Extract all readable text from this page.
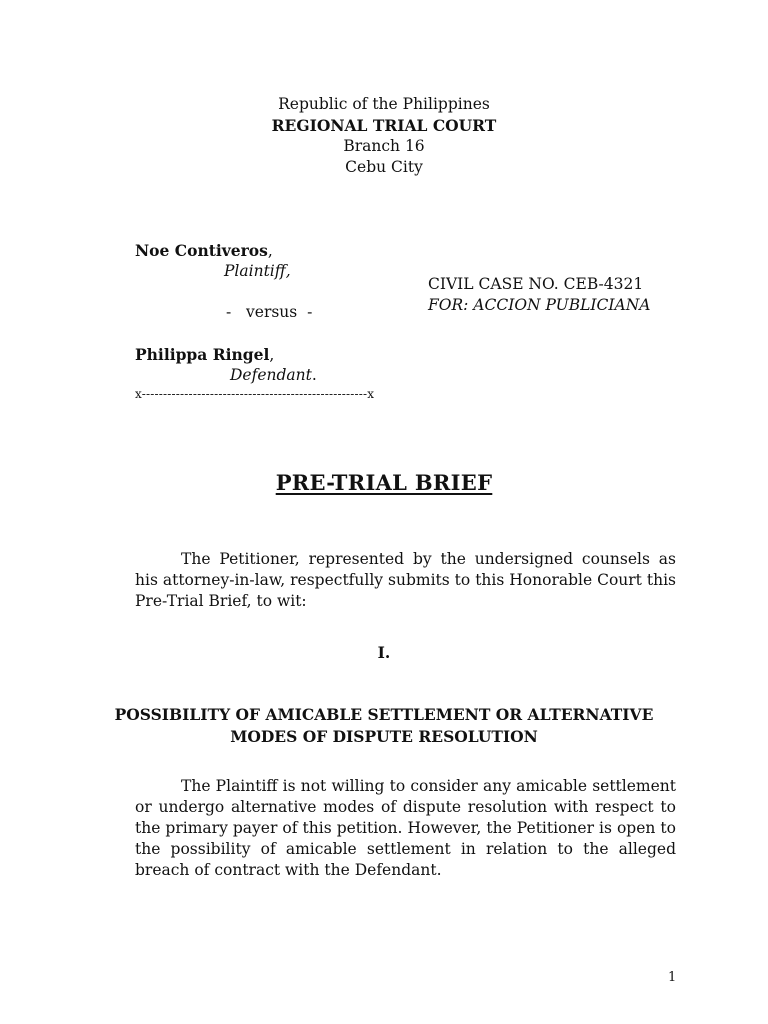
Republic of the Philippines
REGIONAL TRIAL COURT
Branch 16
Cebu City
Noe Contiveros,
Plaintiff,
-   versus  -
Philippa Ringel,
Defendant.
x-----------------------------------------------------x
CIVIL CASE NO. CEB-4321
FOR: ACCION PUBLICIANA
PRE-TRIAL BRIEF
The Petitioner, represented by the undersigned counsels as his attorney-in-law, respectfully submits to this Honorable Court this Pre-Trial Brief, to wit:
I.
POSSIBILITY OF AMICABLE SETTLEMENT OR ALTERNATIVE
MODES OF DISPUTE RESOLUTION
The Plaintiff is not willing to consider any amicable settlement or undergo alternative modes of dispute resolution with respect to the primary payer of this petition. However, the Petitioner is open to the possibility of amicable settlement in relation to the alleged breach of contract with the Defendant.
1
